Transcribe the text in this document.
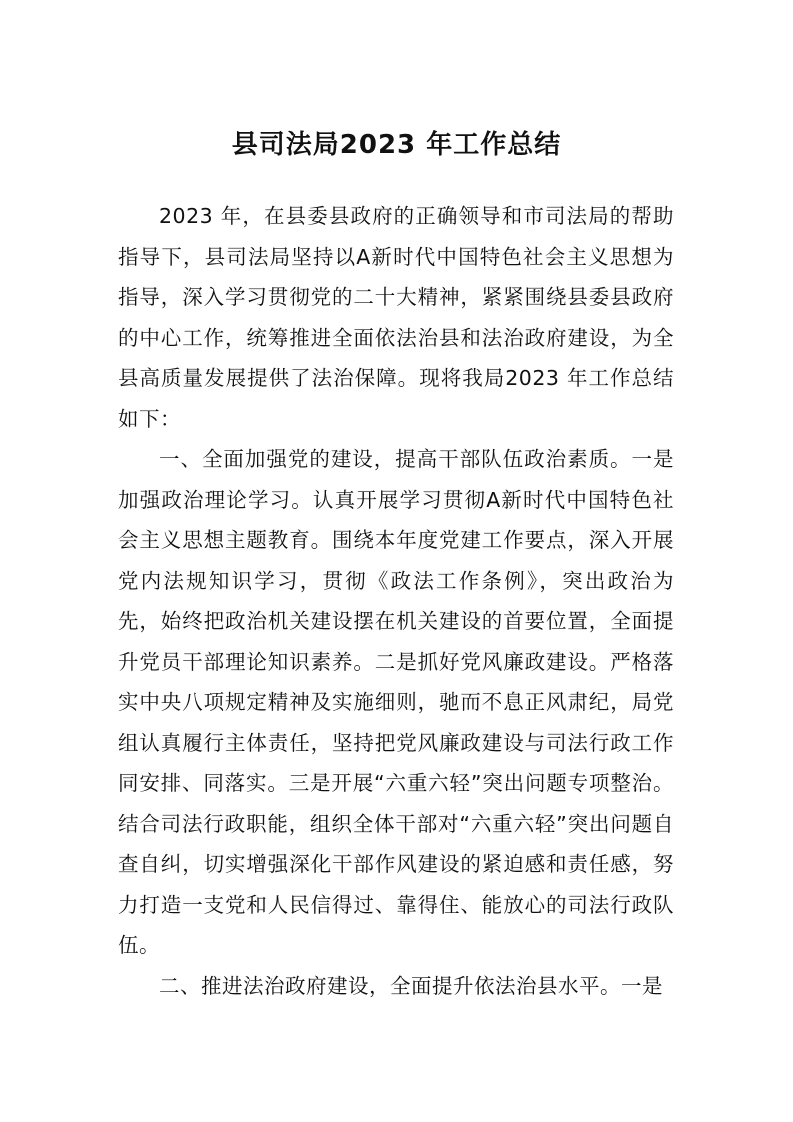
县司法局2023 年工作总结

2023 年，在县委县政府的正确领导和市司法局的帮助指导下，县司法局坚持以A新时代中国特色社会主义思想为指导，深入学习贯彻党的二十大精神，紧紧围绕县委县政府的中心工作，统筹推进全面依法治县和法治政府建设，为全县高质量发展提供了法治保障。现将我局2023 年工作总结如下：

一、全面加强党的建设，提高干部队伍政治素质。一是加强政治理论学习。认真开展学习贯彻A新时代中国特色社会主义思想主题教育。围绕本年度党建工作要点，深入开展党内法规知识学习，贯彻《政法工作条例》，突出政治为先，始终把政治机关建设摆在机关建设的首要位置，全面提升党员干部理论知识素养。二是抓好党风廉政建设。严格落实中央八项规定精神及实施细则，驰而不息正风肃纪，局党组认真履行主体责任，坚持把党风廉政建设与司法行政工作同安排、同落实。三是开展“六重六轻”突出问题专项整治。结合司法行政职能，组织全体干部对“六重六轻”突出问题自查自纠，切实增强深化干部作风建设的紧迫感和责任感，努力打造一支党和人民信得过、靠得住、能放心的司法行政队伍。

二、推进法治政府建设，全面提升依法治县水平。一是
